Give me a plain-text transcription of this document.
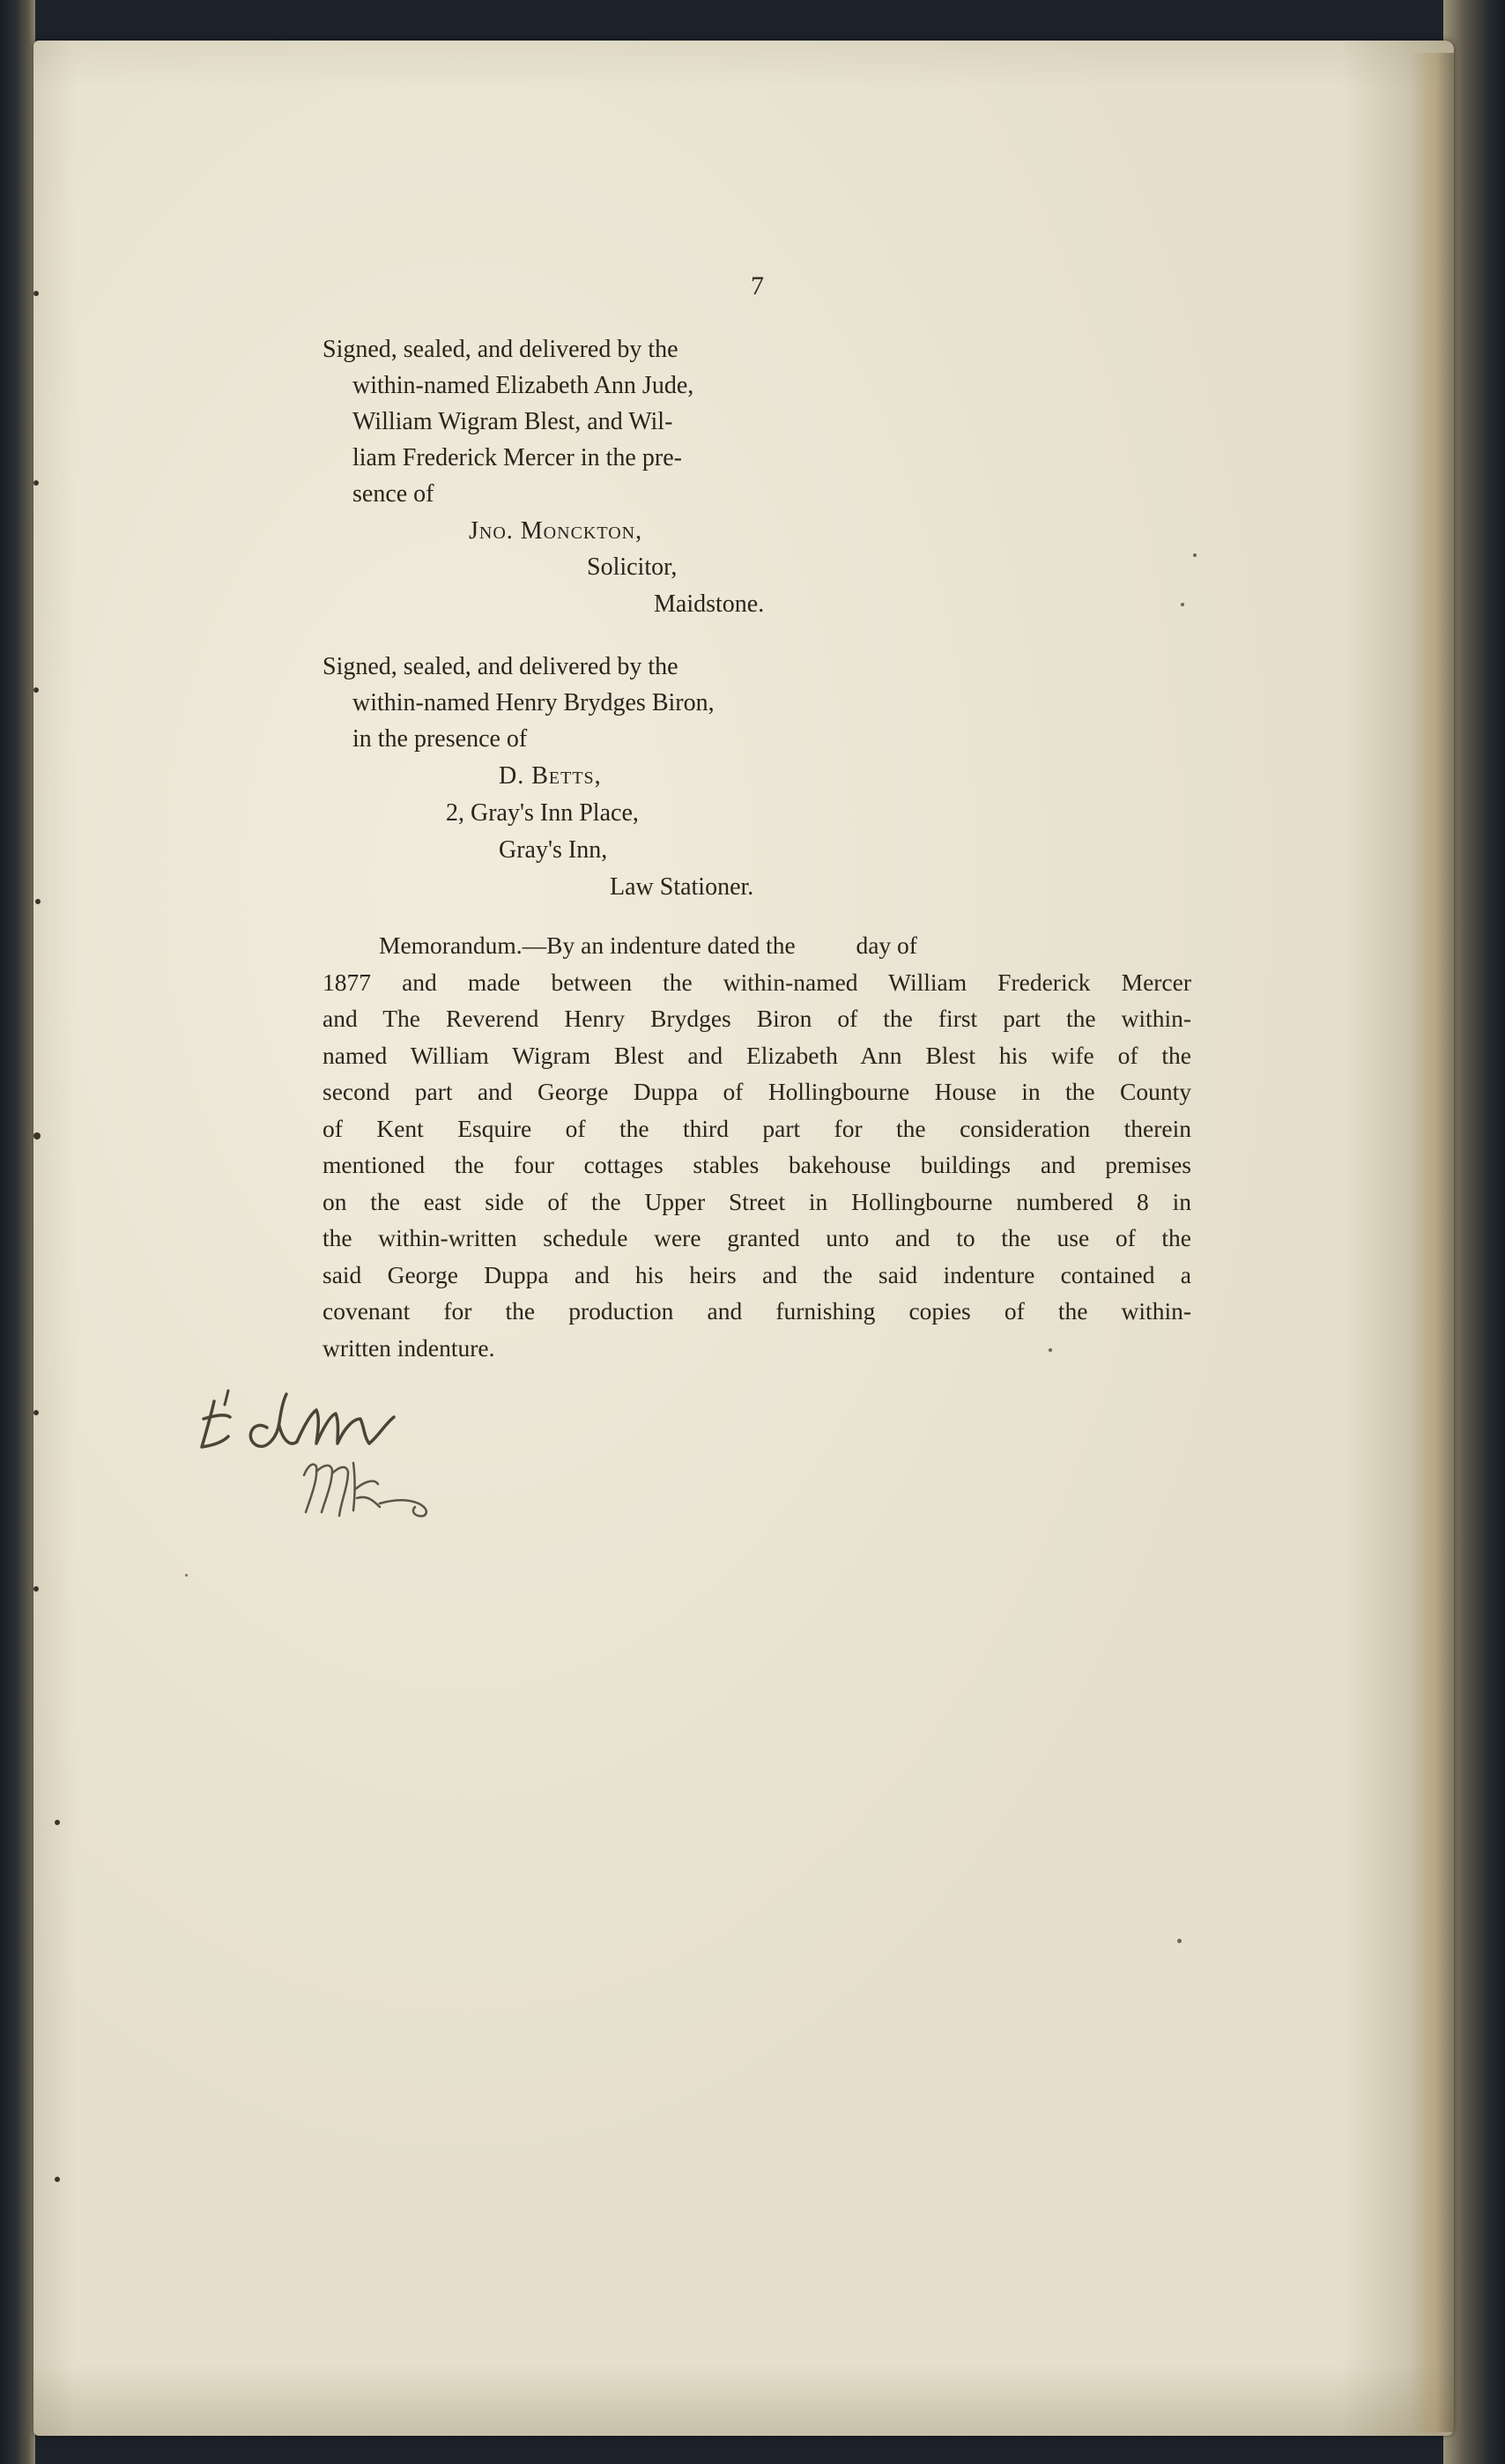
7
Signed, sealed, and delivered by the
within-named Elizabeth Ann Jude,
William Wigram Blest, and Wil-
liam Frederick Mercer in the pre-
sence of
Jno. Monckton,
Solicitor,
Maidstone.
Signed, sealed, and delivered by the
within-named Henry Brydges Biron,
in the presence of
D. Betts,
2, Gray's Inn Place,
Gray's Inn,
Law Stationer.
Memorandum.—By an indenture dated the          day of
1877 and made between the within-named William Frederick Mercer
and The Reverend Henry Brydges Biron of the first part the within-
named William Wigram Blest and Elizabeth Ann Blest his wife of the
second part and George Duppa of Hollingbourne House in the County
of Kent Esquire of the third part for the consideration therein
mentioned the four cottages stables bakehouse buildings and premises
on the east side of the Upper Street in Hollingbourne numbered 8 in
the within-written schedule were granted unto and to the use of the
said George Duppa and his heirs and the said indenture contained a
covenant for the production and furnishing copies of the within-
written indenture.
